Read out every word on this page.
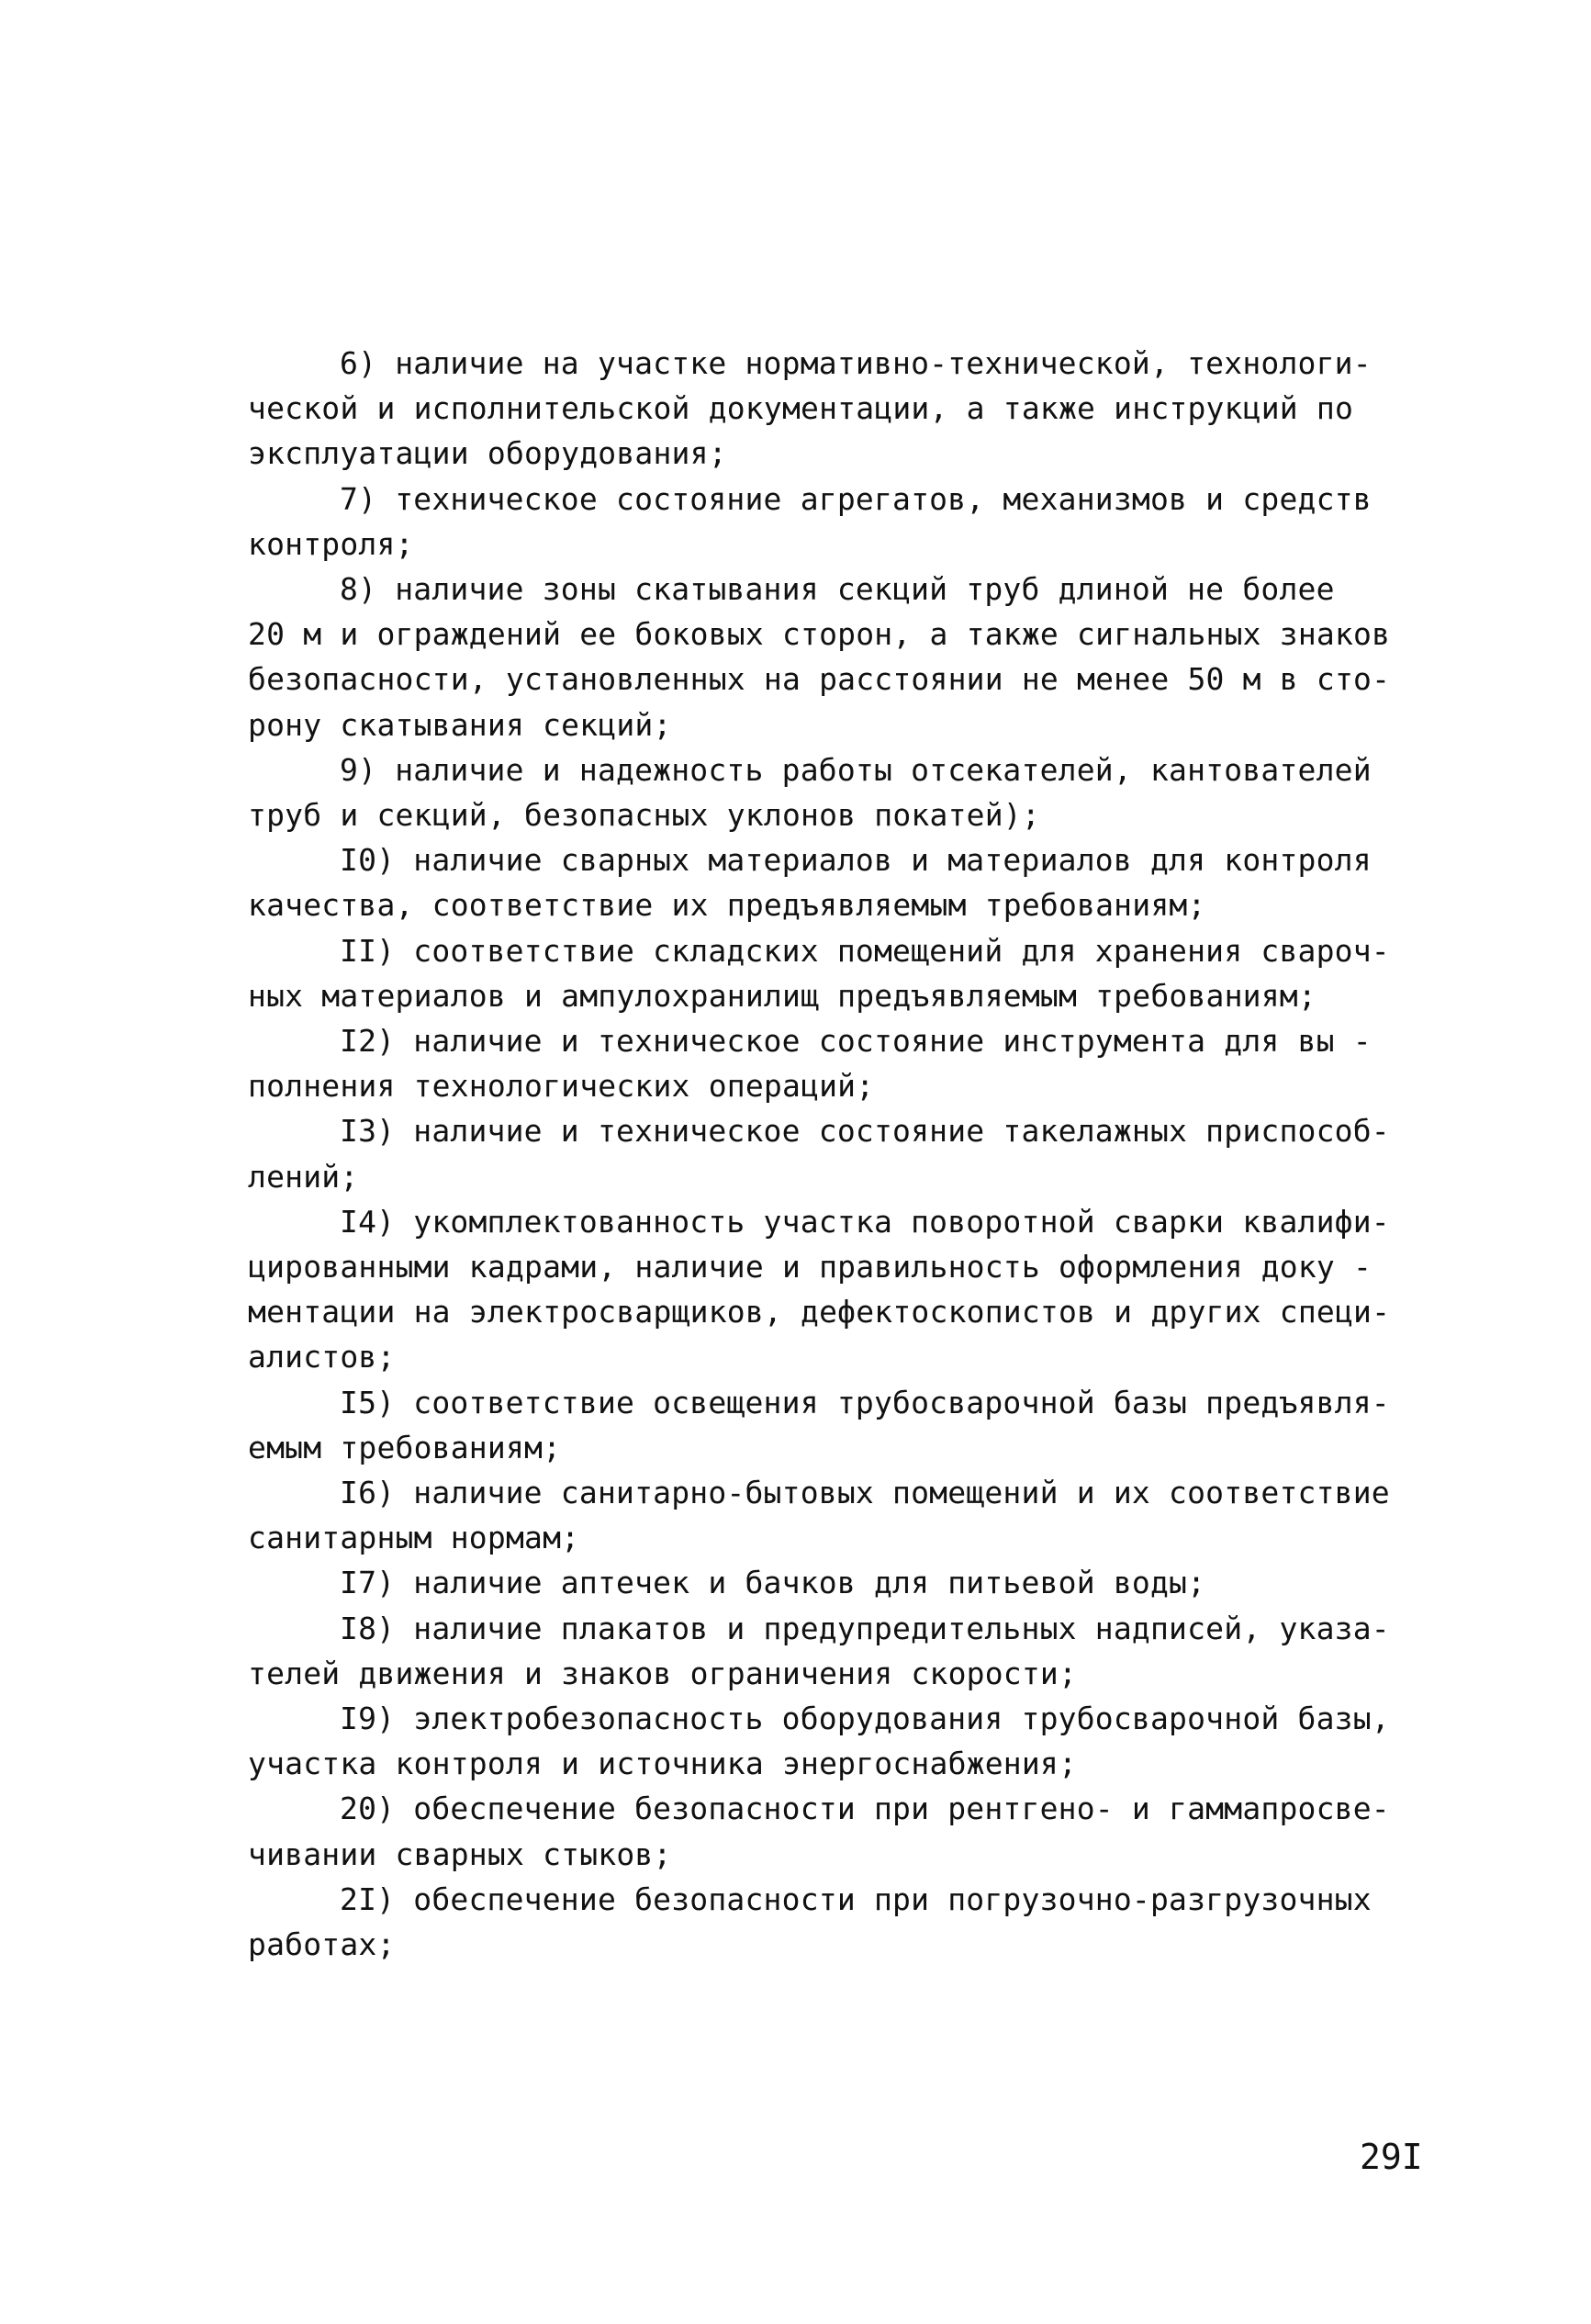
6) наличие на участке нормативно-технической, технологи-
ческой и исполнительской документации, а также инструкций по
эксплуатации оборудования;
7) техническое состояние агрегатов, механизмов и средств
контроля;
8) наличие зоны скатывания секций труб длиной не более
20 м и ограждений ее боковых сторон, а также сигнальных знаков
безопасности, установленных на расстоянии не менее 50 м в сто-
рону скатывания секций;
9) наличие и надежность работы отсекателей, кантователей
труб и секций, безопасных уклонов покатей);
I0) наличие сварных материалов и материалов для контроля
качества, соответствие их предъявляемым требованиям;
II) соответствие складских помещений для хранения свароч-
ных материалов и ампулохранилищ предъявляемым требованиям;
I2) наличие и техническое состояние инструмента для вы -
полнения технологических операций;
I3) наличие и техническое состояние такелажных приспособ-
лений;
I4) укомплектованность участка поворотной сварки квалифи-
цированными кадрами, наличие и правильность оформления доку -
ментации на электросварщиков, дефектоскопистов и других специ-
алистов;
I5) соответствие освещения трубосварочной базы предъявля-
емым требованиям;
I6) наличие санитарно-бытовых помещений и их соответствие
санитарным нормам;
I7) наличие аптечек и бачков для питьевой воды;
I8) наличие плакатов и предупредительных надписей, указа-
телей движения и знаков ограничения скорости;
I9) электробезопасность оборудования трубосварочной базы,
участка контроля и источника энергоснабжения;
20) обеспечение безопасности при рентгено- и гаммапросве-
чивании сварных стыков;
2I) обеспечение безопасности при погрузочно-разгрузочных
работах;
29I
